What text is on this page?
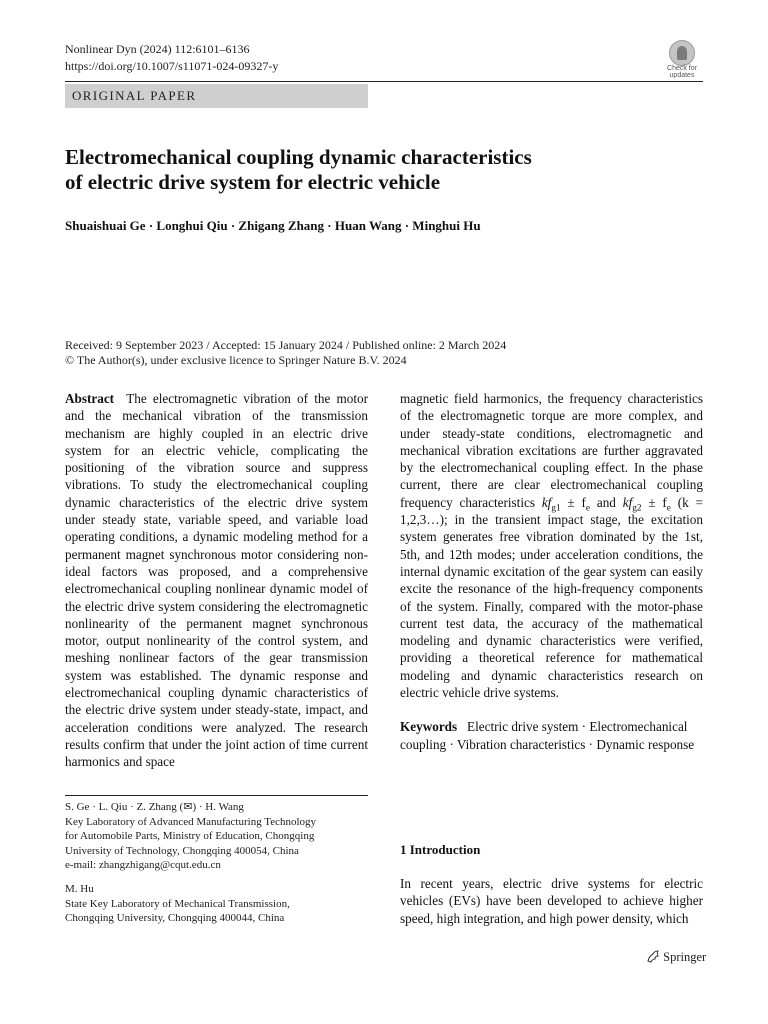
Nonlinear Dyn (2024) 112:6101–6136
https://doi.org/10.1007/s11071-024-09327-y	Check for
updates
ORIGINAL PAPER
Electromechanical coupling dynamic characteristics
of electric drive system for electric vehicle
Shuaishuai Ge · Longhui Qiu · Zhigang Zhang · Huan Wang · Minghui Hu
Received: 9 September 2023 / Accepted: 15 January 2024 / Published online: 2 March 2024
© The Author(s), under exclusive licence to Springer Nature B.V. 2024

Abstract The electromagnetic vibration of the motor and the mechanical vibration of the transmission mechanism are highly coupled in an electric drive system for an electric vehicle, complicating the positioning of the vibration source and suppress vibrations. To study the electromechanical coupling dynamic characteristics of the electric drive system under steady state, variable speed, and variable load operating conditions, a dynamic modeling method for a permanent magnet synchronous motor considering non-ideal factors was proposed, and a comprehensive electromechanical coupling nonlinear dynamic model of the electric drive system considering the electromagnetic nonlinearity of the permanent magnet synchronous motor, output nonlinearity of the control system, and meshing nonlinear factors of the gear transmission system was established. The dynamic response and electromechanical coupling dynamic characteristics of the electric drive system under steady-state, impact, and acceleration conditions were analyzed. The research results confirm that under the joint action of time current harmonics and space

magnetic field harmonics, the frequency characteristics of the electromagnetic torque are more complex, and under steady-state conditions, electromagnetic and mechanical vibration excitations are further aggravated by the electromechanical coupling effect. In the phase current, there are clear electromechanical coupling frequency characteristics $kf_{g1} \pm f_e$ and $kf_{g2} \pm f_e$ (k = 1,2,3…); in the transient impact stage, the excitation system generates free vibration dominated by the 1st, 5th, and 12th modes; under acceleration conditions, the internal dynamic excitation of the gear system can easily excite the resonance of the high-frequency components of the system. Finally, compared with the motor-phase current test data, the accuracy of the mathematical modeling and dynamic characteristics were verified, providing a theoretical reference for mathematical modeling and dynamic characteristics research on electric vehicle drive systems.

Keywords Electric drive system · Electromechanical coupling · Vibration characteristics · Dynamic response

S. Ge · L. Qiu · Z. Zhang (✉) · H. Wang
Key Laboratory of Advanced Manufacturing Technology
for Automobile Parts, Ministry of Education, Chongqing
University of Technology, Chongqing 400054, China
e-mail: zhangzhigang@cqut.edu.cn
M. Hu
State Key Laboratory of Mechanical Transmission,
Chongqing University, Chongqing 400044, China
1 Introduction
In recent years, electric drive systems for electric vehicles (EVs) have been developed to achieve higher speed, high integration, and high power density, which
Springer
